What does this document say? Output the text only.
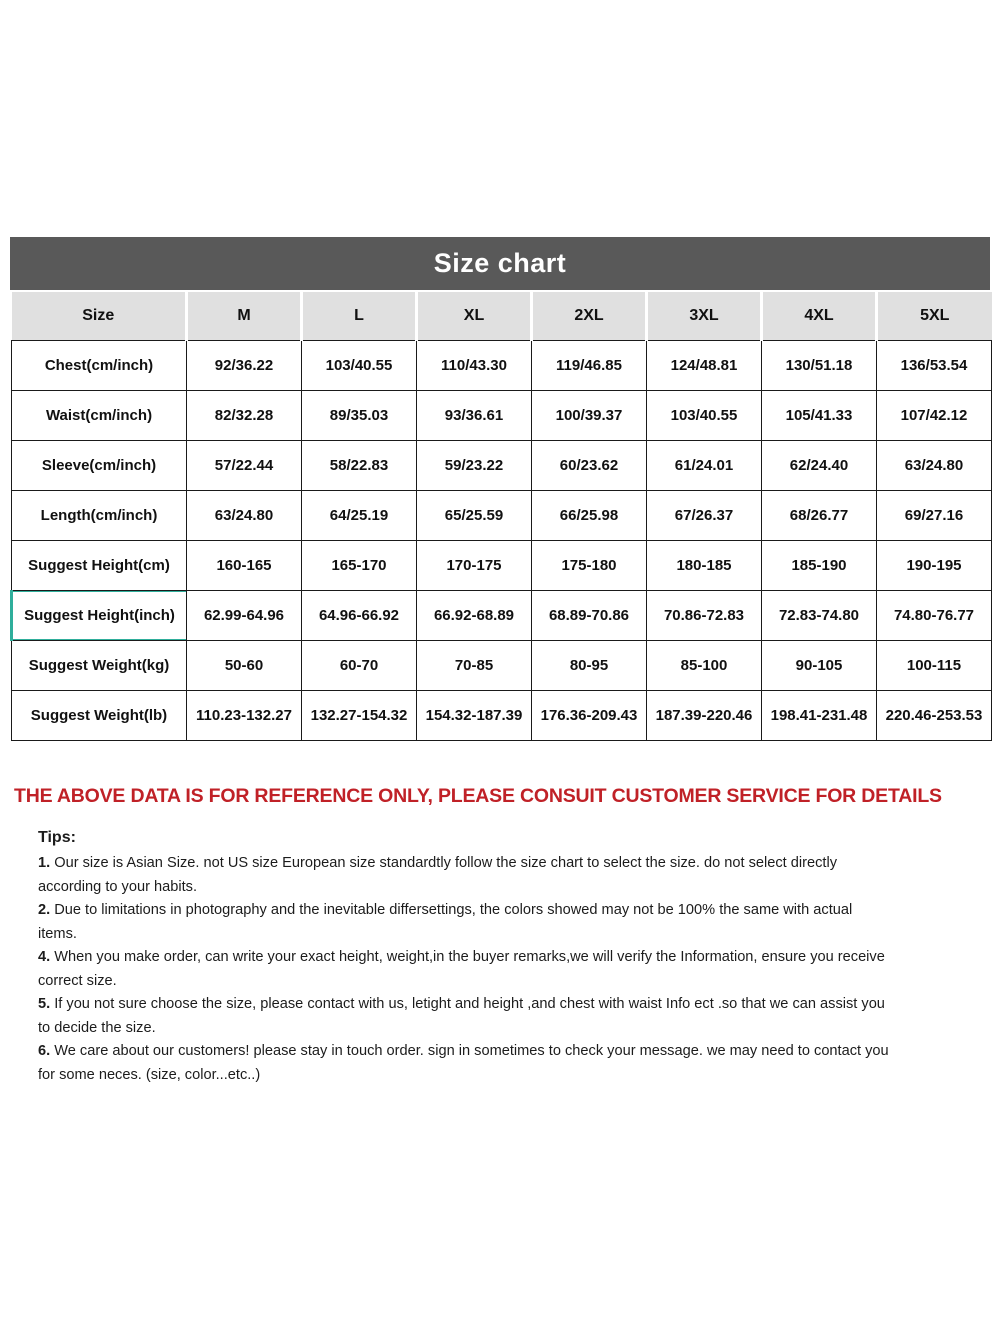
Size chart
Size	M	L	XL	2XL	3XL	4XL	5XL
Chest(cm/inch)	92/36.22	103/40.55	110/43.30	119/46.85	124/48.81	130/51.18	136/53.54
Waist(cm/inch)	82/32.28	89/35.03	93/36.61	100/39.37	103/40.55	105/41.33	107/42.12
Sleeve(cm/inch)	57/22.44	58/22.83	59/23.22	60/23.62	61/24.01	62/24.40	63/24.80
Length(cm/inch)	63/24.80	64/25.19	65/25.59	66/25.98	67/26.37	68/26.77	69/27.16
Suggest Height(cm)	160-165	165-170	170-175	175-180	180-185	185-190	190-195
Suggest Height(inch)	62.99-64.96	64.96-66.92	66.92-68.89	68.89-70.86	70.86-72.83	72.83-74.80	74.80-76.77
Suggest Weight(kg)	50-60	60-70	70-85	80-95	85-100	90-105	100-115
Suggest Weight(lb)	110.23-132.27	132.27-154.32	154.32-187.39	176.36-209.43	187.39-220.46	198.41-231.48	220.46-253.53

THE ABOVE DATA IS FOR REFERENCE ONLY, PLEASE CONSUIT CUSTOMER SERVICE FOR DETAILS

Tips:

1. Our size is Asian Size. not US size European size standardtly follow the size chart to select the size. do not select directly according to your habits.

2. Due to limitations in photography and the inevitable differsettings, the colors showed may not be 100% the same with actual items.

4. When you make order, can write your exact height, weight,in the buyer remarks,we will verify the Information, ensure you receive correct size.

5. If you not sure choose the size, please contact with us, letight and height ,and chest with waist Info ect .so that we can assist you to decide the size.

6. We care about our customers! please stay in touch order. sign in sometimes to check your message. we may need to contact you for some neces. (size, color...etc..)
